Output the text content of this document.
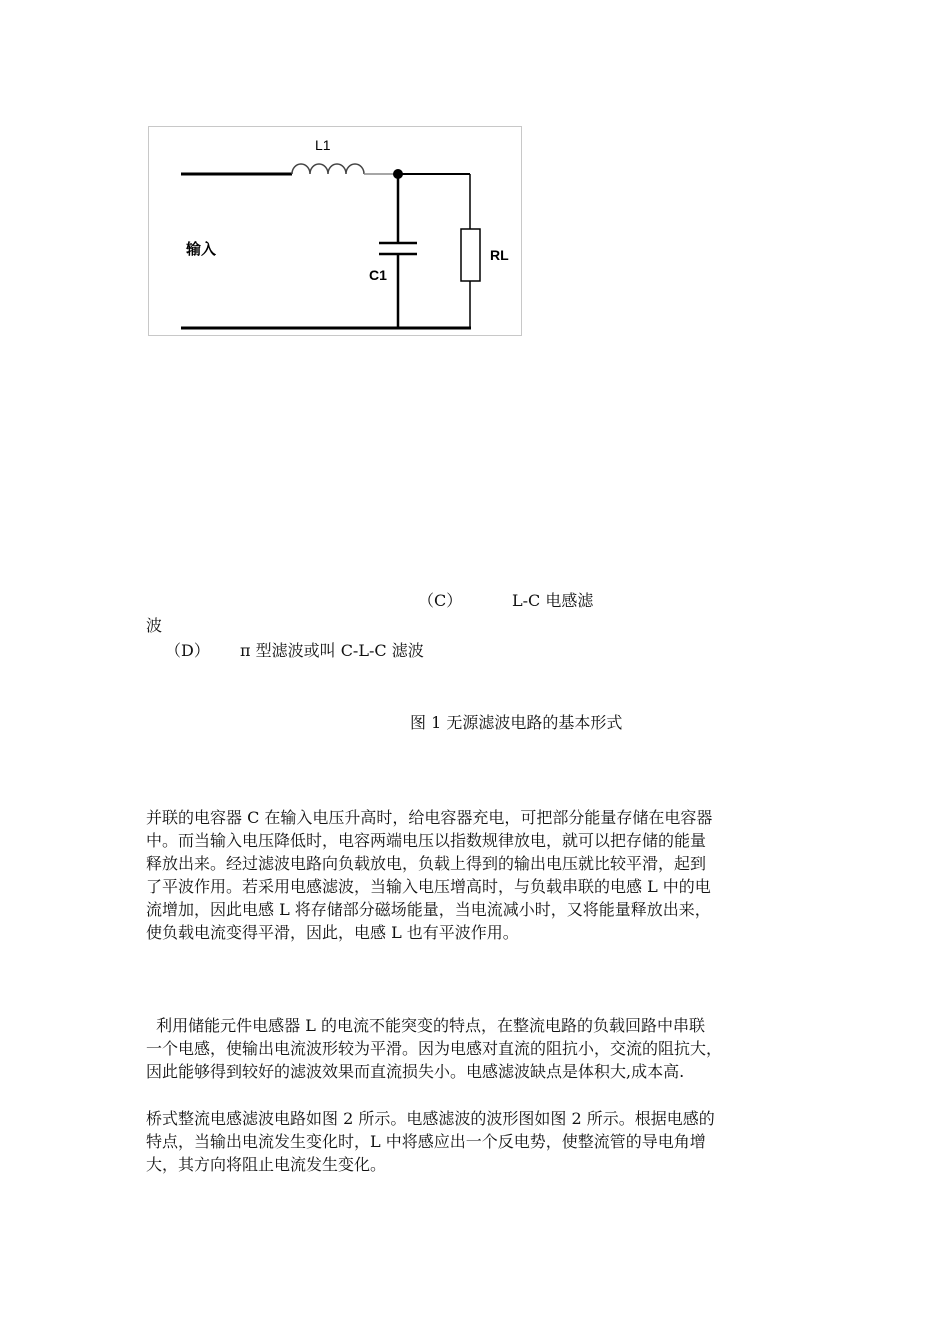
L1
C1
RL
输入
（C）	L-C 电感滤
波
（D） π 型滤波或叫 C-L-C 滤波
图 1 无源滤波电路的基本形式
并联的电容器 C 在输入电压升高时，给电容器充电，可把部分能量存储在电容器
中。而当输入电压降低时，电容两端电压以指数规律放电，就可以把存储的能量
释放出来。经过滤波电路向负载放电，负载上得到的输出电压就比较平滑，起到
了平波作用。若采用电感滤波，当输入电压增高时，与负载串联的电感 L 中的电
流增加，因此电感 L 将存储部分磁场能量，当电流减小时，又将能量释放出来，
使负载电流变得平滑，因此，电感 L 也有平波作用。
利用储能元件电感器 L 的电流不能突变的特点，在整流电路的负载回路中串联
一个电感，使输出电流波形较为平滑。因为电感对直流的阻抗小，交流的阻抗大，
因此能够得到较好的滤波效果而直流损失小。电感滤波缺点是体积大,成本高.
桥式整流电感滤波电路如图 2 所示。电感滤波的波形图如图 2 所示。根据电感的
特点，当输出电流发生变化时，L 中将感应出一个反电势，使整流管的导电角增
大，其方向将阻止电流发生变化。
